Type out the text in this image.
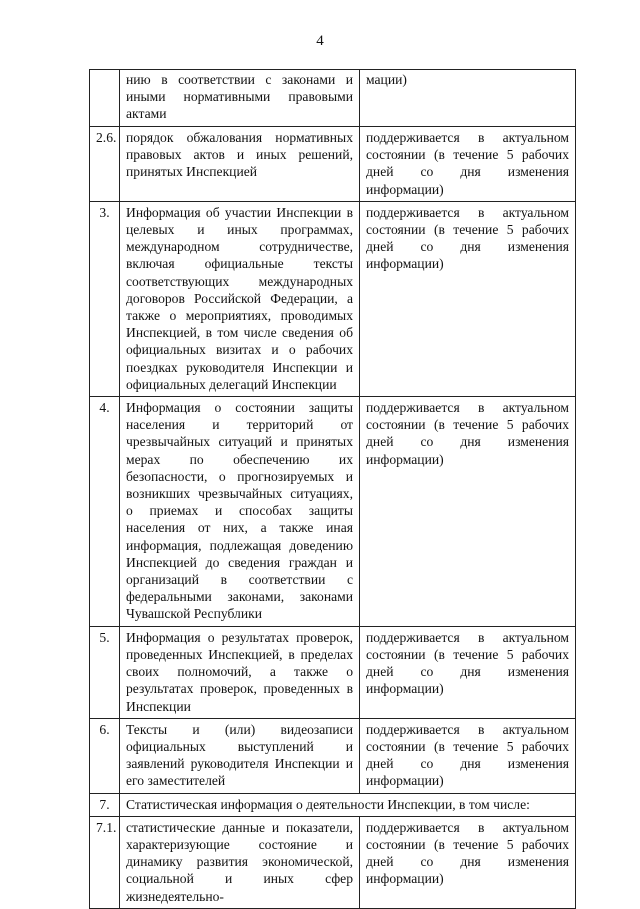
4
	нию в соответствии с законами и иными нормативными правовыми актами	мации)
2.6.	порядок обжалования нормативных правовых актов и иных решений, принятых Инспекцией	поддерживается в актуальном состоянии (в течение 5 рабочих дней со дня изменения информации)
3.	Информация об участии Инспекции в целевых и иных программах, международном сотрудничестве, включая официальные тексты соответствующих международных договоров Российской Федерации, а также о мероприятиях, проводимых Инспекцией, в том числе сведения об официальных визитах и о рабочих поездках руководителя Инспекции и официальных делегаций Инспекции	поддерживается в актуальном состоянии (в течение 5 рабочих дней со дня изменения информации)
4.	Информация о состоянии защиты населения и территорий от чрезвычайных ситуаций и принятых мерах по обеспечению их безопасности, о прогнозируемых и возникших чрезвычайных ситуациях, о приемах и способах защиты населения от них, а также иная информация, подлежащая доведению Инспекцией до сведения граждан и организаций в соответствии с федеральными законами, законами Чувашской Республики	поддерживается в актуальном состоянии (в течение 5 рабочих дней со дня изменения информации)
5.	Информация о результатах проверок, проведенных Инспекцией, в пределах своих полномочий, а также о результатах проверок, проведенных в Инспекции	поддерживается в актуальном состоянии (в течение 5 рабочих дней со дня изменения информации)
6.	Тексты и (или) видеозаписи официальных выступлений и заявлений руководителя Инспекции и его заместителей	поддерживается в актуальном состоянии (в течение 5 рабочих дней со дня изменения информации)
7.	Статистическая информация о деятельности Инспекции, в том числе:	
7.1.	статистические данные и показатели, характеризующие состояние и динамику развития экономической, социальной и иных сфер жизнедеятельно-	поддерживается в актуальном состоянии (в течение 5 рабочих дней со дня изменения информации)
